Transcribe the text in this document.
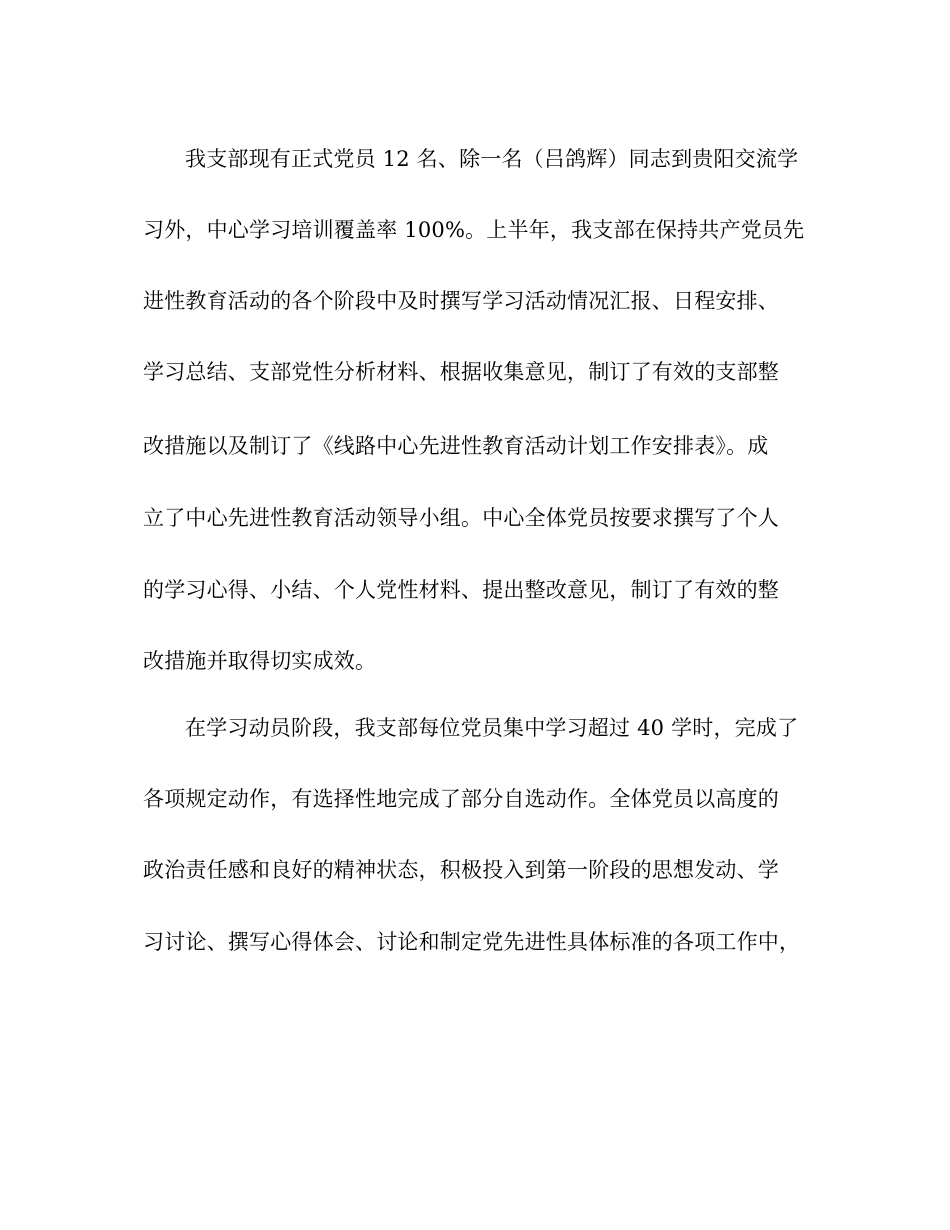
我支部现有正式党员 12 名、除一名（吕鸽辉）同志到贵阳交流学
习外，中心学习培训覆盖率 100%。上半年，我支部在保持共产党员先
进性教育活动的各个阶段中及时撰写学习活动情况汇报、日程安排、
学习总结、支部党性分析材料、根据收集意见，制订了有效的支部整
改措施以及制订了《线路中心先进性教育活动计划工作安排表》。成
立了中心先进性教育活动领导小组。中心全体党员按要求撰写了个人
的学习心得、小结、个人党性材料、提出整改意见，制订了有效的整
改措施并取得切实成效。
在学习动员阶段，我支部每位党员集中学习超过 40 学时，完成了
各项规定动作，有选择性地完成了部分自选动作。全体党员以高度的
政治责任感和良好的精神状态，积极投入到第一阶段的思想发动、学
习讨论、撰写心得体会、讨论和制定党先进性具体标准的各项工作中，
